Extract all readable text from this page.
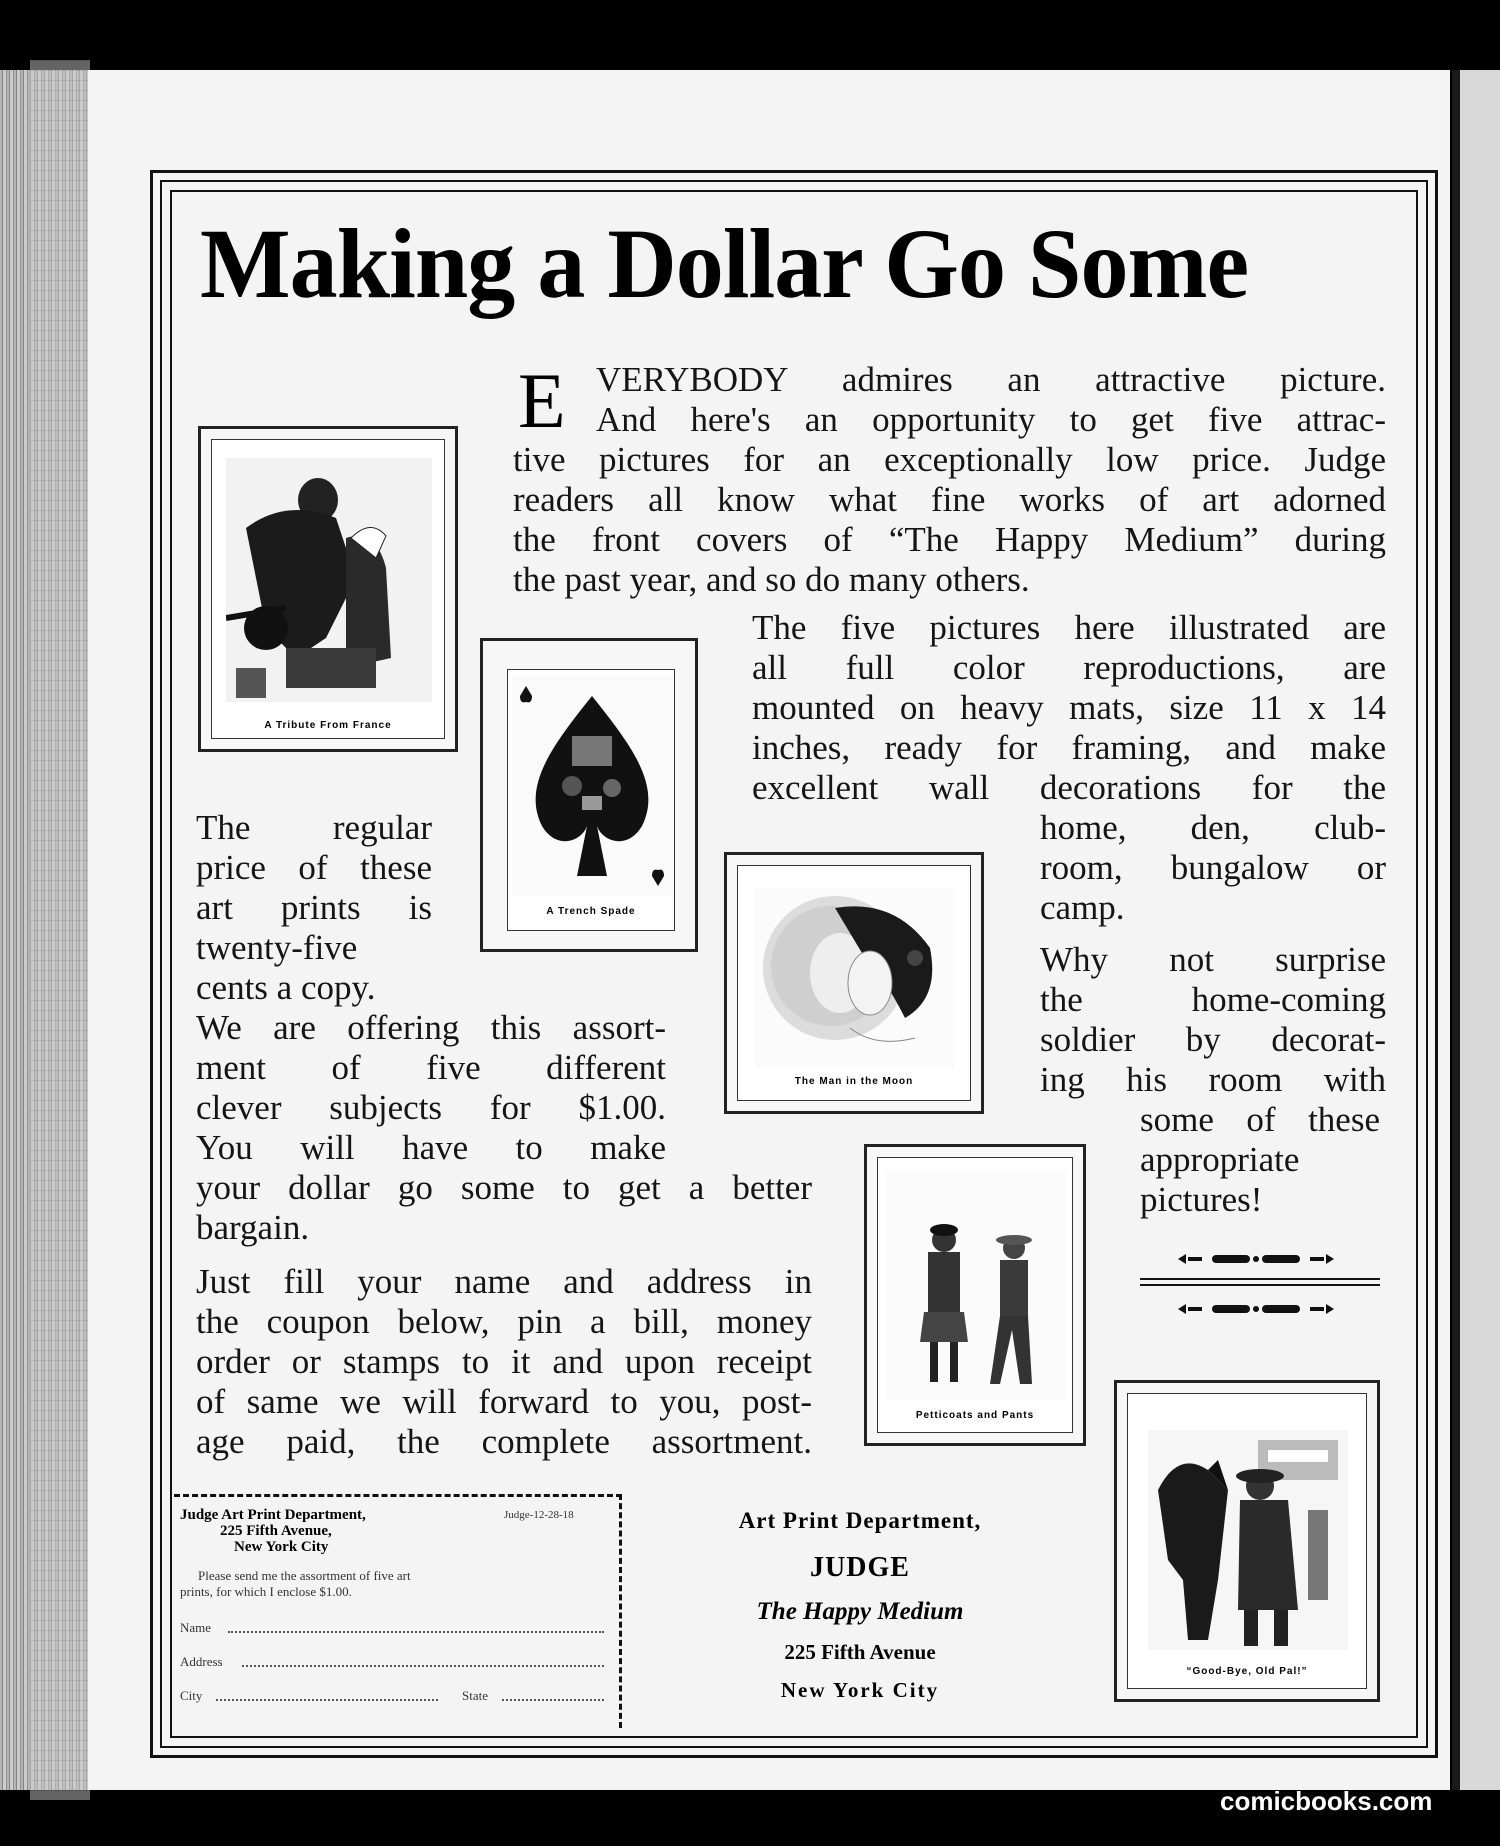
Making a Dollar Go Some
E VERYBODY admires an attractive picture.
And here's an opportunity to get five attrac-
tive pictures for an exceptionally low price. Judge
readers all know what fine works of art adorned
the front covers of “The Happy Medium” during
the past year, and so do many others.
The five pictures here illustrated are
all full color reproductions, are
mounted on heavy mats, size 11 x 14
inches, ready for framing, and make
excellent wall decorations for the
home, den, club-
room, bungalow or
camp.
Why not surprise
the home-coming
soldier by decorat-
ing his room with
some of these
appropriate
pictures!
The regular
price of these
art prints is
twenty-five
cents a copy.
We are offering this assort-
ment of five different
clever subjects for $1.00.
You will have to make
your dollar go some to get a better
bargain.
Just fill your name and address in
the coupon below, pin a bill, money
order or stamps to it and upon receipt
of same we will forward to you, post-
age paid, the complete assortment.
A Tribute From France
A Trench Spade
The Man in the Moon
Petticoats and Pants
“Good-Bye, Old Pal!”
Judge Art Print Department,
225 Fifth Avenue,
New York City
Judge-12-28-18
Please send me the assortment of five art
prints, for which I enclose $1.00.
Name
Address
City	State
Art Print Department,
JUDGE
The Happy Medium
225 Fifth Avenue
New York City
comicbooks.com
